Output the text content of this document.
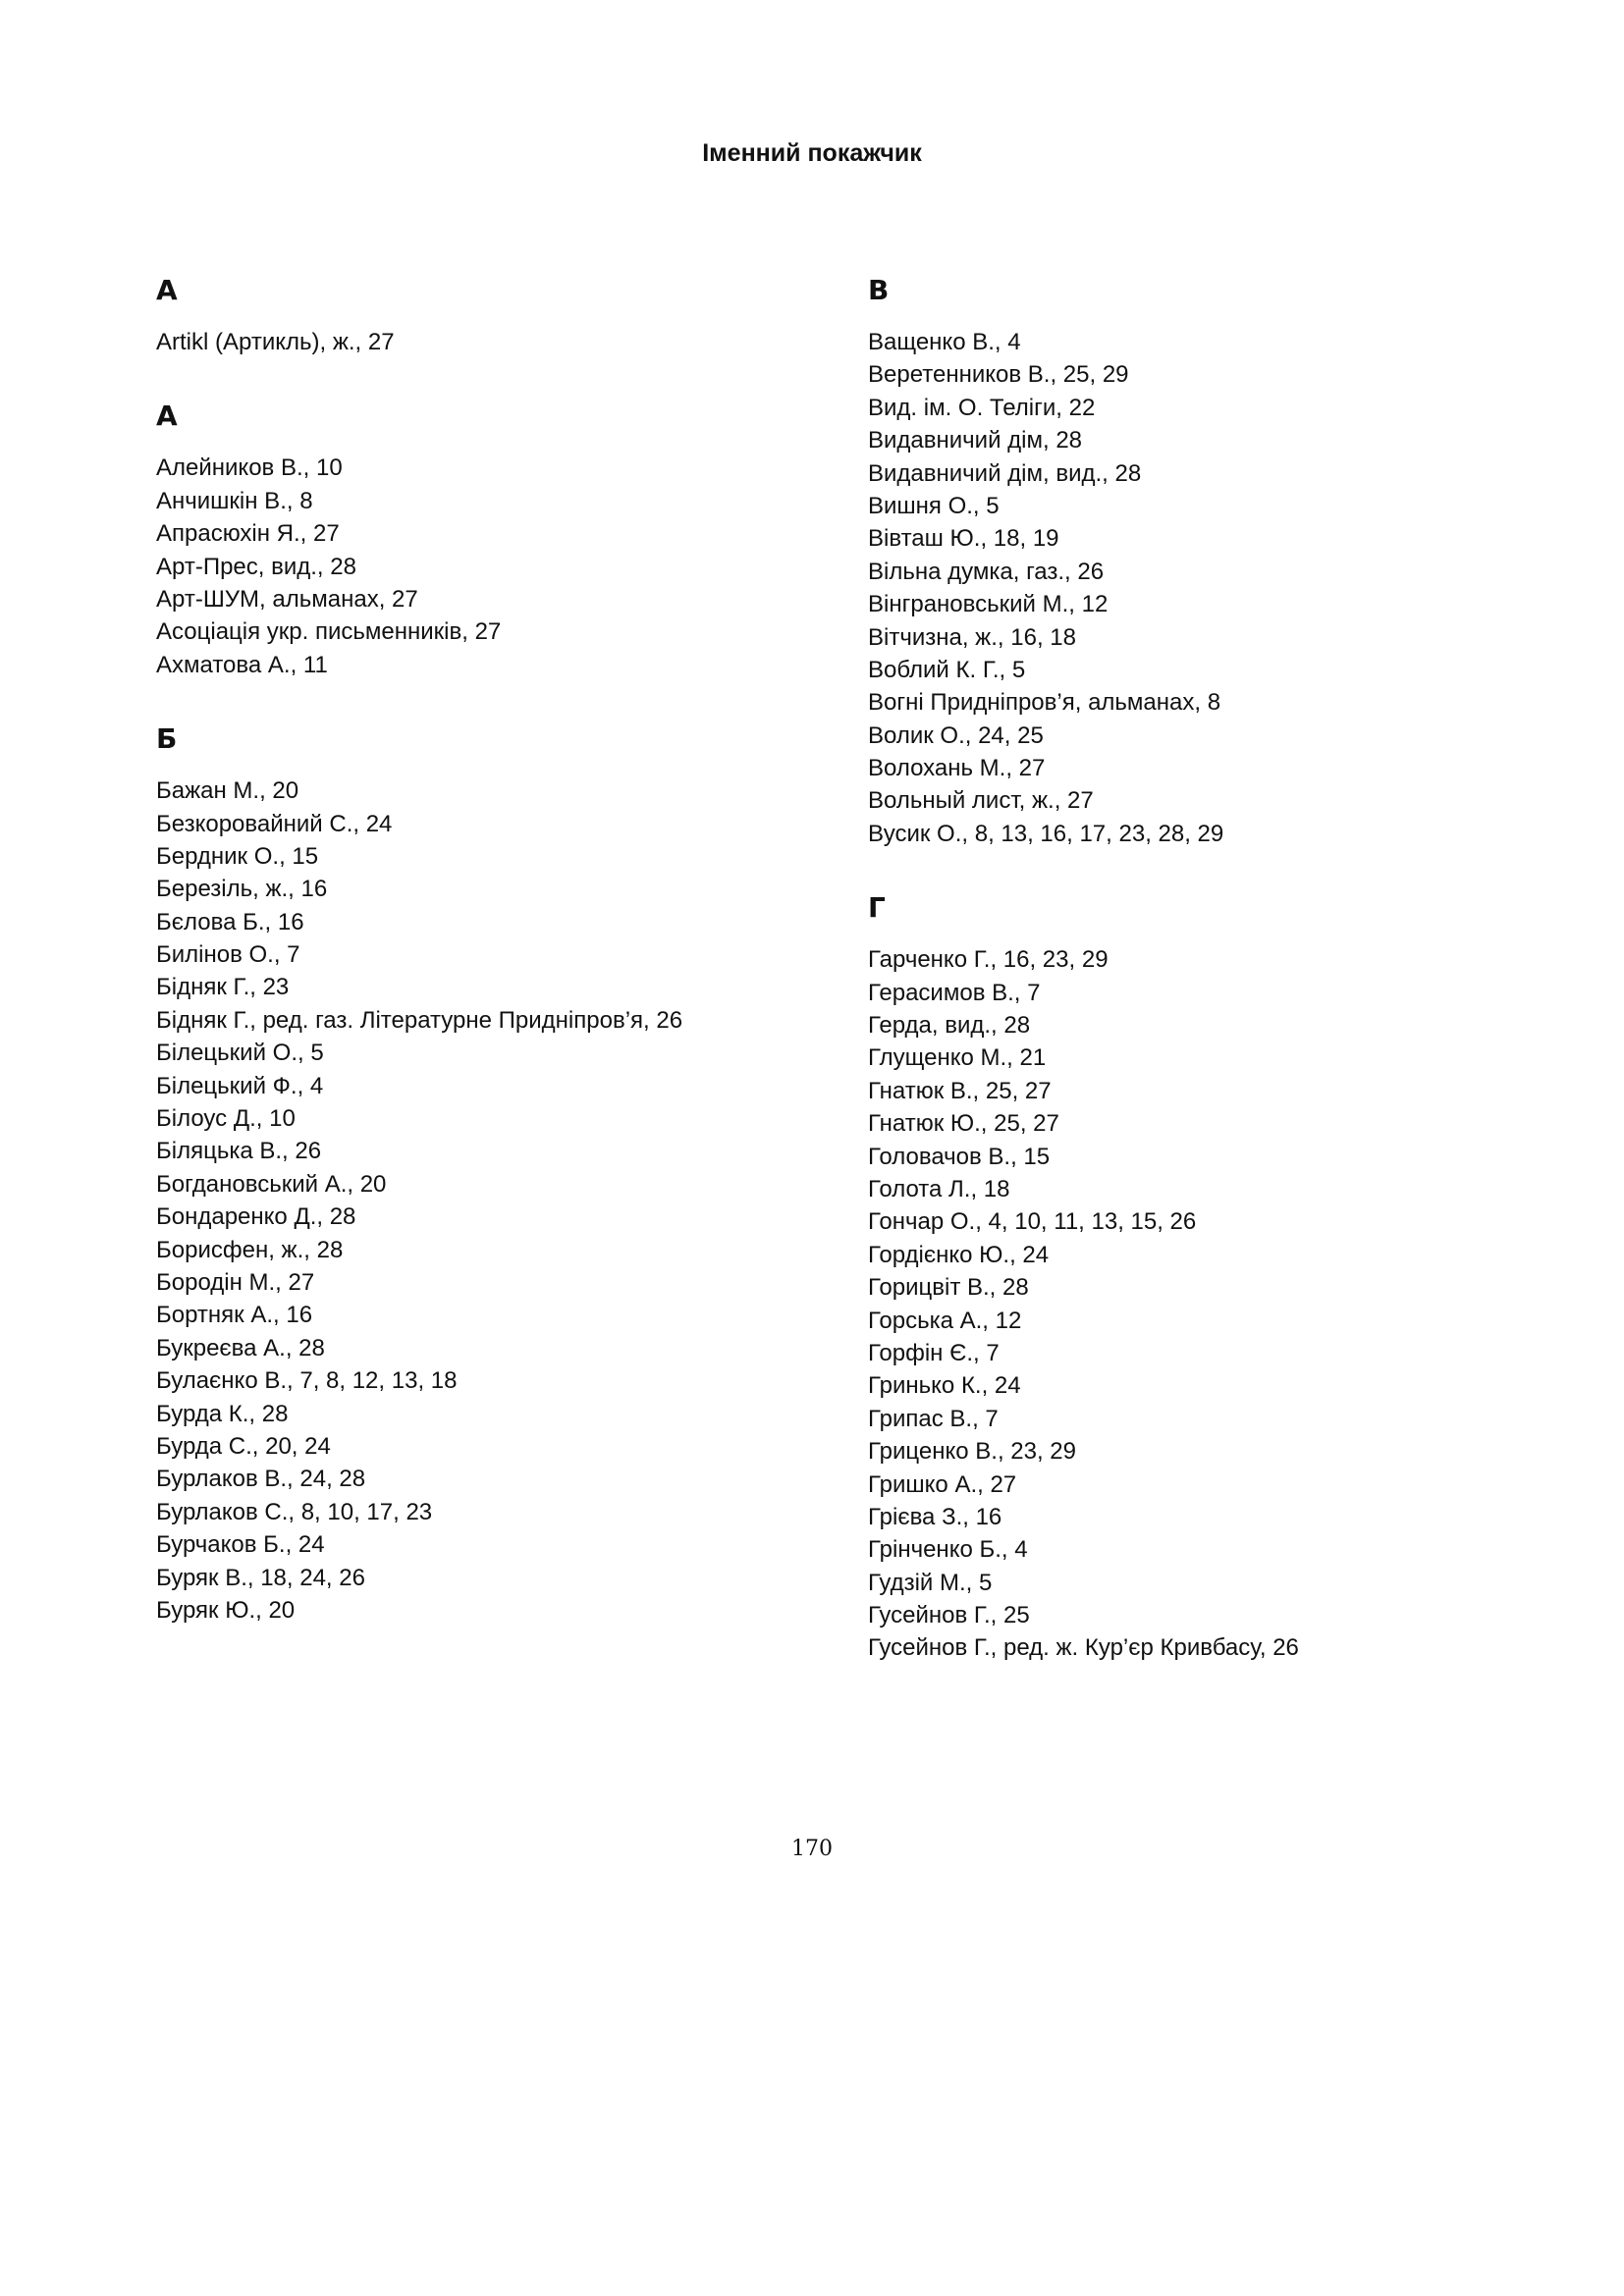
Іменний покажчик
A
Artikl (Артикль), ж., 27
А
Алейников В., 10
Анчишкін В., 8
Апрасюхін Я., 27
Арт-Прес, вид., 28
Арт-ШУМ, альманах, 27
Асоціація укр. письменників, 27
Ахматова А., 11
Б
Бажан М., 20
Безкоровайний С., 24
Бердник О., 15
Березіль, ж., 16
Бєлова Б., 16
Билінов О., 7
Бідняк Г., 23
Бідняк Г., ред. газ. Літературне Придніпров’я, 26
Білецький О., 5
Білецький Ф., 4
Білоус Д., 10
Біляцька В., 26
Богдановський А., 20
Бондаренко Д., 28
Борисфен, ж., 28
Бородін М., 27
Бортняк А., 16
Букреєва А., 28
Булаєнко В., 7, 8, 12, 13, 18
Бурда К., 28
Бурда С., 20, 24
Бурлаков В., 24, 28
Бурлаков С., 8, 10, 17, 23
Бурчаков Б., 24
Буряк В., 18, 24, 26
Буряк Ю., 20
В
Ващенко В., 4
Веретенников В., 25, 29
Вид. ім. О. Теліги, 22
Видавничий дім, 28
Видавничий дім, вид., 28
Вишня О., 5
Вівташ Ю., 18, 19
Вільна думка, газ., 26
Вінграновський М., 12
Вітчизна, ж., 16, 18
Воблий К. Г., 5
Вогні Придніпров’я, альманах, 8
Волик О., 24, 25
Волохань М., 27
Вольный лист, ж., 27
Вусик О., 8, 13, 16, 17, 23, 28, 29
Г
Гарченко Г., 16, 23, 29
Герасимов В., 7
Герда, вид., 28
Глущенко М., 21
Гнатюк В., 25, 27
Гнатюк Ю., 25, 27
Головачов В., 15
Голота Л., 18
Гончар О., 4, 10, 11, 13, 15, 26
Гордієнко Ю., 24
Горицвіт В., 28
Горська А., 12
Горфін Є., 7
Гринько К., 24
Грипас В., 7
Гриценко В., 23, 29
Гришко А., 27
Грієва З., 16
Грінченко Б., 4
Гудзій М., 5
Гусейнов Г., 25
Гусейнов Г., ред. ж. Кур’єр Кривбасу, 26
170
